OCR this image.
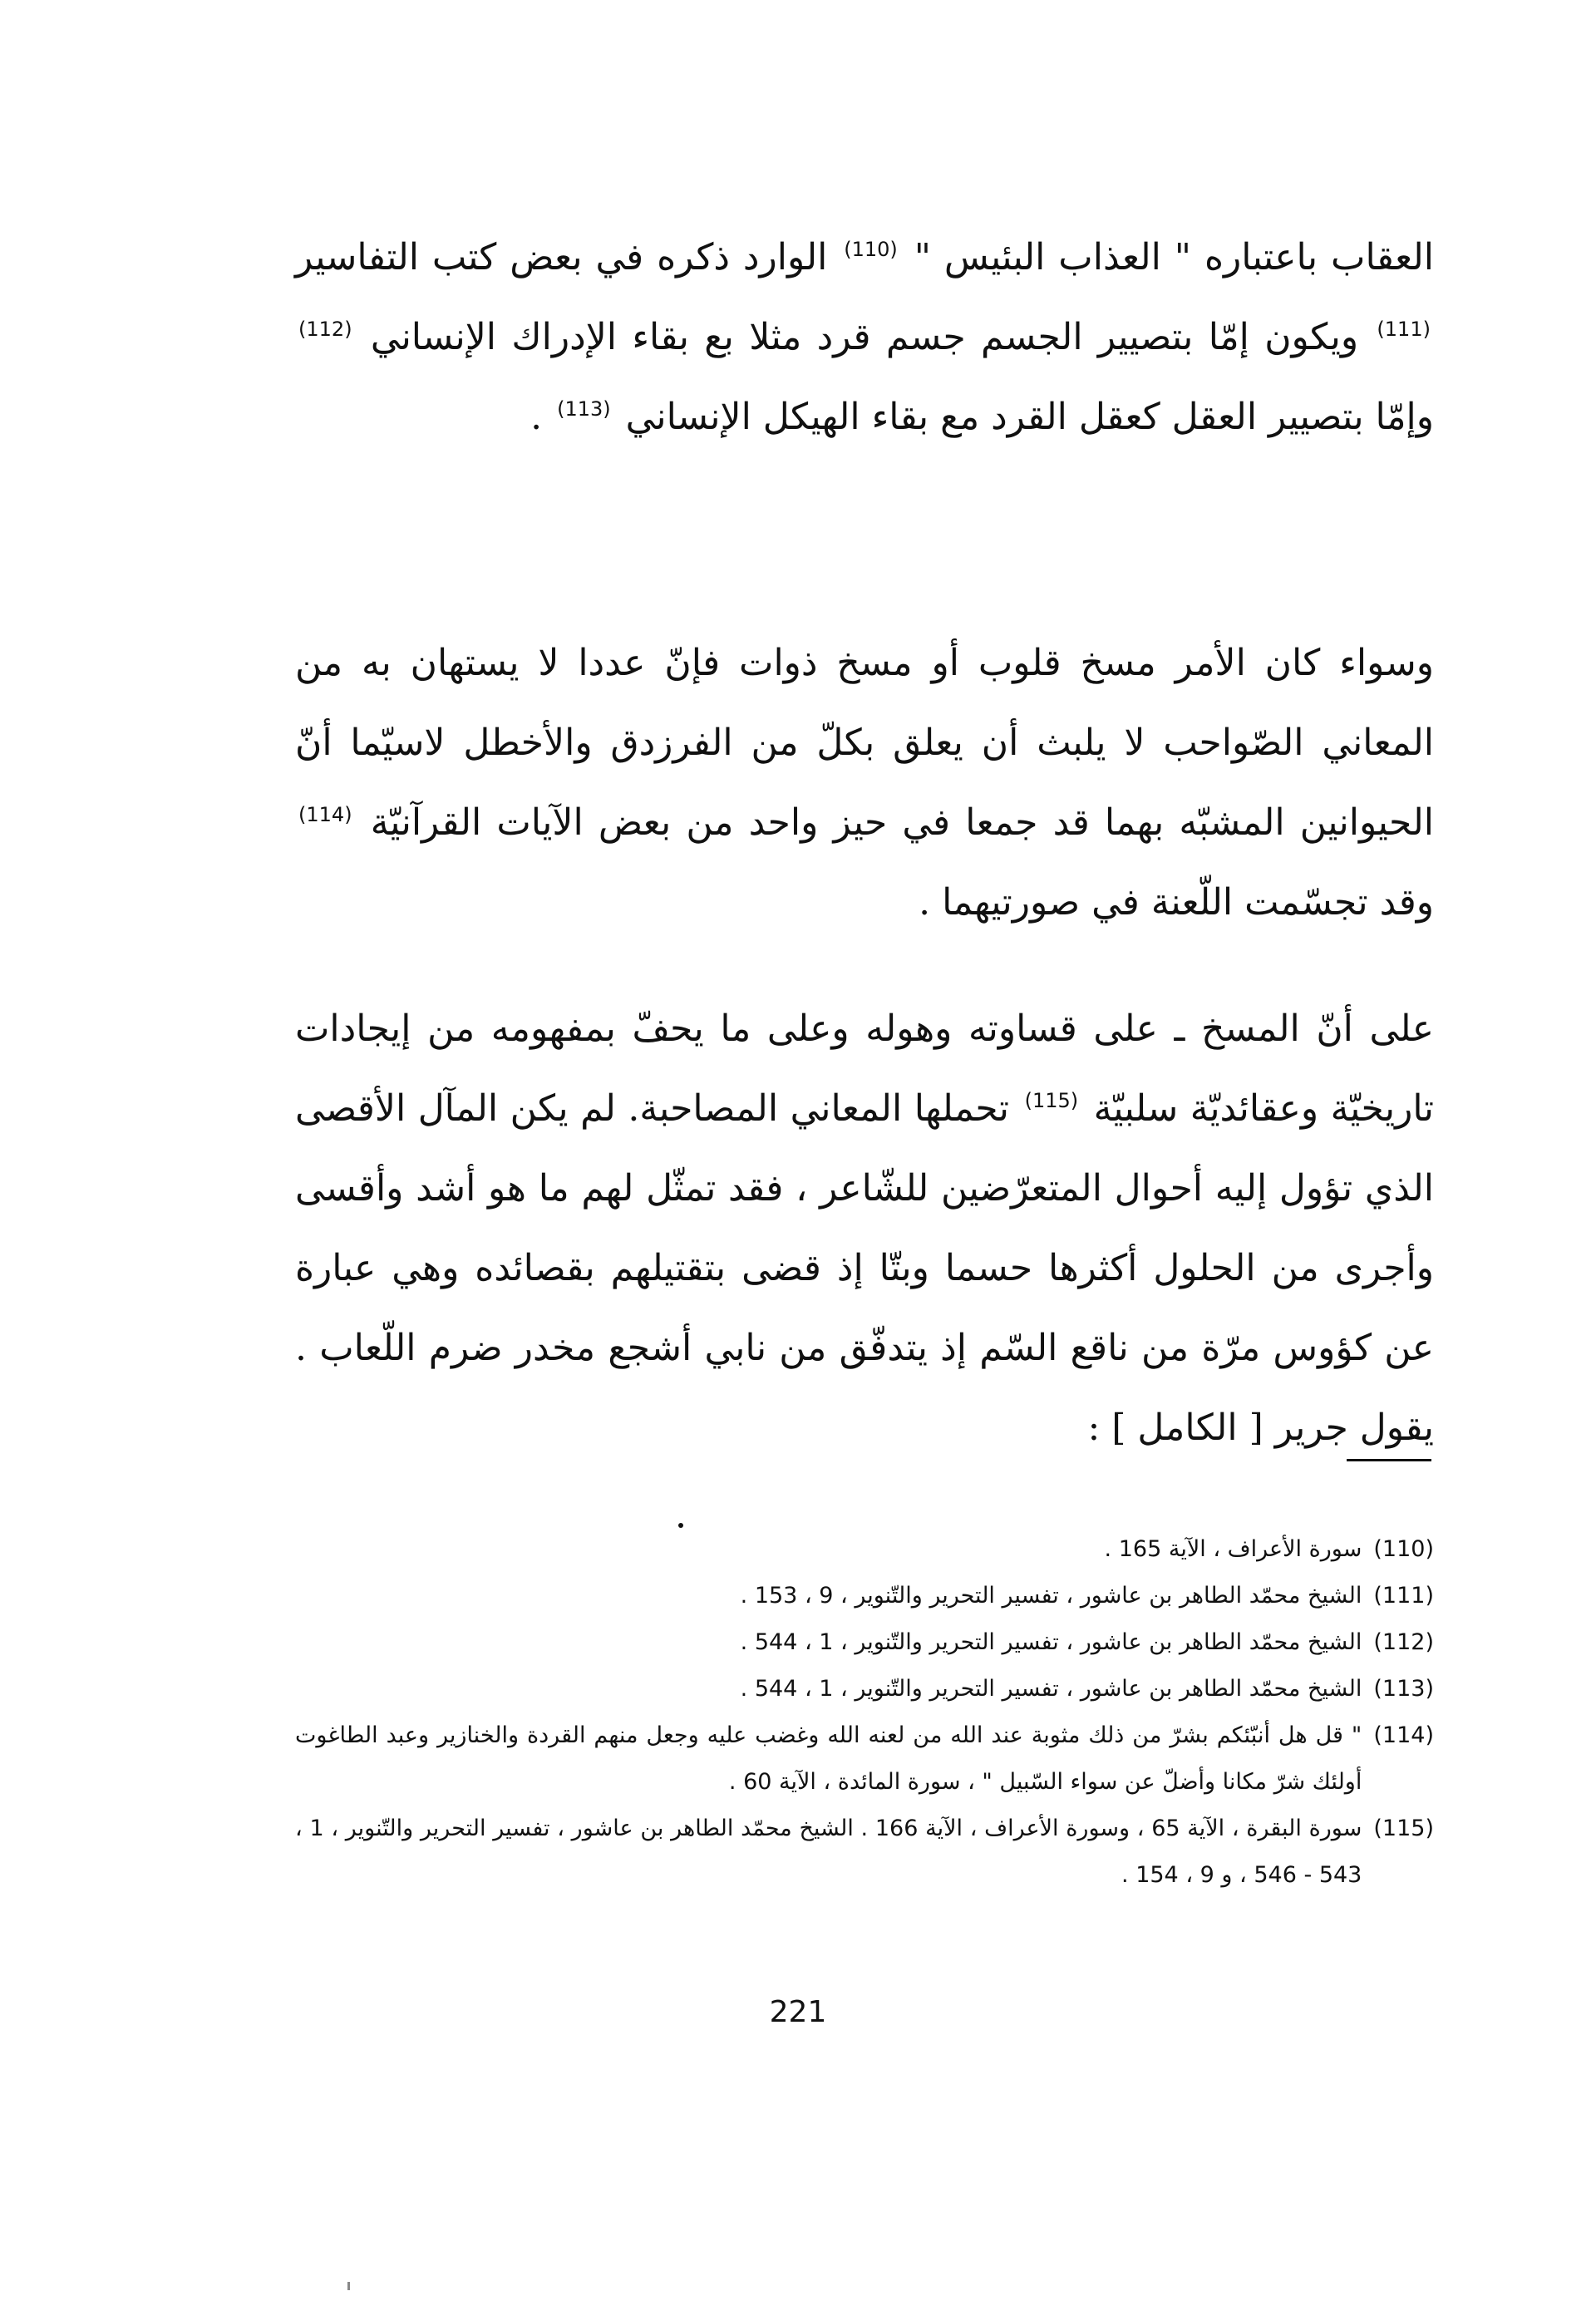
العقاب باعتباره " العذاب البئيس " $^{(110)}$ الوارد ذكره في بعض كتب التفاسير $^{(111)}$ ويكون إمّا بتصيير الجسم جسم قرد مثلا بع بقاء الإدراك الإنساني $^{(112)}$ وإمّا بتصيير العقل كعقل القرد مع بقاء الهيكل الإنساني $^{(113)}$ .

وسواء كان الأمر مسخ قلوب أو مسخ ذوات فإنّ عددا لا يستهان به من المعاني الصّواحب لا يلبث أن يعلق بكلّ من الفرزدق والأخطل لاسيّما أنّ الحيوانين المشبّه بهما قد جمعا في حيز واحد من بعض الآيات القرآنيّة $^{(114)}$ وقد تجسّمت اللّعنة في صورتيهما .

على أنّ المسخ ـ على قساوته وهوله وعلى ما يحفّ بمفهومه من إيجادات تاريخيّة وعقائديّة سلبيّة $^{(115)}$ تحملها المعاني المصاحبة. لم يكن المآل الأقصى الذي تؤول إليه أحوال المتعرّضين للشّاعر ، فقد تمثّل لهم ما هو أشد وأقسى وأجرى من الحلول أكثرها حسما وبتّا إذ قضى بتقتيلهم بقصائده وهي عبارة عن كؤوس مرّة من ناقع السّم إذ يتدفّق من نابي أشجع مخدر ضرم اللّعاب . يقول جرير [ الكامل ] :

(110)
سورة الأعراف ، الآية 165 .
(111)
الشيخ محمّد الطاهر بن عاشور ، تفسير التحرير والتّنوير ، 9 ، 153 .
(112)
الشيخ محمّد الطاهر بن عاشور ، تفسير التحرير والتّنوير ، 1 ، 544 .
(113)
الشيخ محمّد الطاهر بن عاشور ، تفسير التحرير والتّنوير ، 1 ، 544 .
(114)
" قل هل أنبّئكم بشرّ من ذلك مثوبة عند الله من لعنه الله وغضب عليه وجعل منهم القردة والخنازير وعبد الطاغوت أولئك شرّ مكانا وأضلّ عن سواء السّبيل " ، سورة المائدة ، الآية 60 .
(115)
سورة البقرة ، الآية 65 ، وسورة الأعراف ، الآية 166 . الشيخ محمّد الطاهر بن عاشور ، تفسير التحرير والتّنوير ، 1 ، 543 - 546 ، و 9 ، 154 .
221
